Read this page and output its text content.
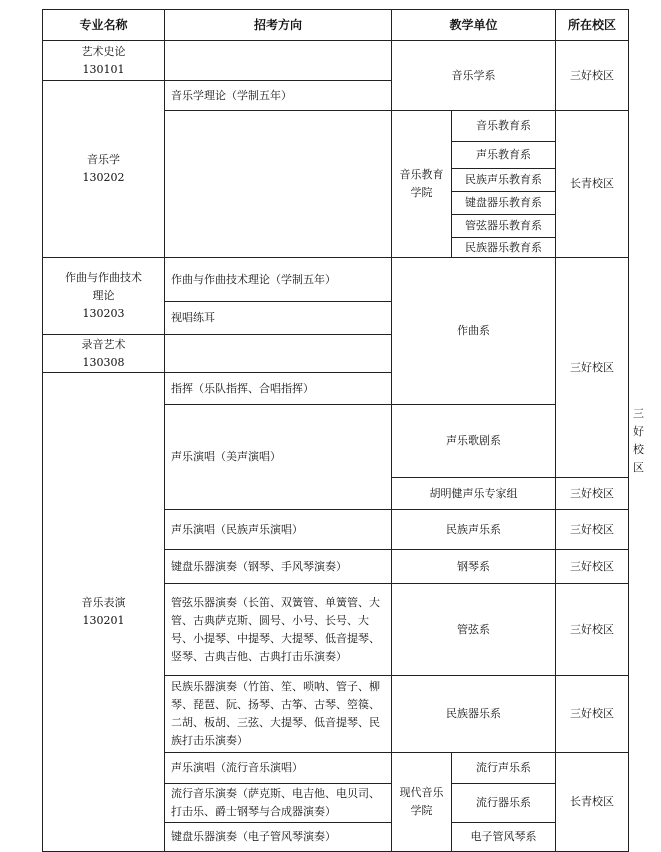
专业名称	招考方向	教学单位		所在校区	

艺术史论
130101		音乐学系		三好校区	

音乐学
130202	音乐学理论（学制五年）				
		音乐教育学院	音乐教育系	长青校区	
			声乐教育系		
			民族声乐教育系		
			键盘器乐教育系		
			管弦器乐教育系		
			民族器乐教育系		

作曲与作曲技术
理论
130203	作曲与作曲技术理论（学制五年）	作曲系		三好校区	
	视唱练耳				

录音艺术
130308					

音乐表演
130201	指挥（乐队指挥、合唱指挥）				
	声乐演唱（美声演唱）	声乐歌剧系			三好校区
		胡明健声乐专家组		三好校区	
	声乐演唱（民族声乐演唱）	民族声乐系		三好校区	
	键盘乐器演奏（钢琴、手风琴演奏）	钢琴系		三好校区	
	管弦乐器演奏（长笛、双簧管、单簧管、大管、古典萨克斯、圆号、小号、长号、大号、小提琴、中提琴、大提琴、低音提琴、竖琴、古典吉他、古典打击乐演奏）	管弦系		三好校区	
	民族乐器演奏（竹笛、笙、唢呐、管子、柳琴、琵琶、阮、扬琴、古筝、古琴、箜篌、二胡、板胡、三弦、大提琴、低音提琴、民族打击乐演奏）	民族器乐系		三好校区	
	声乐演唱（流行音乐演唱）	现代音乐学院	流行声乐系	长青校区	
	流行音乐演奏（萨克斯、电吉他、电贝司、打击乐、爵士钢琴与合成器演奏）		流行器乐系		
	键盘乐器演奏（电子管风琴演奏）		电子管风琴系		
